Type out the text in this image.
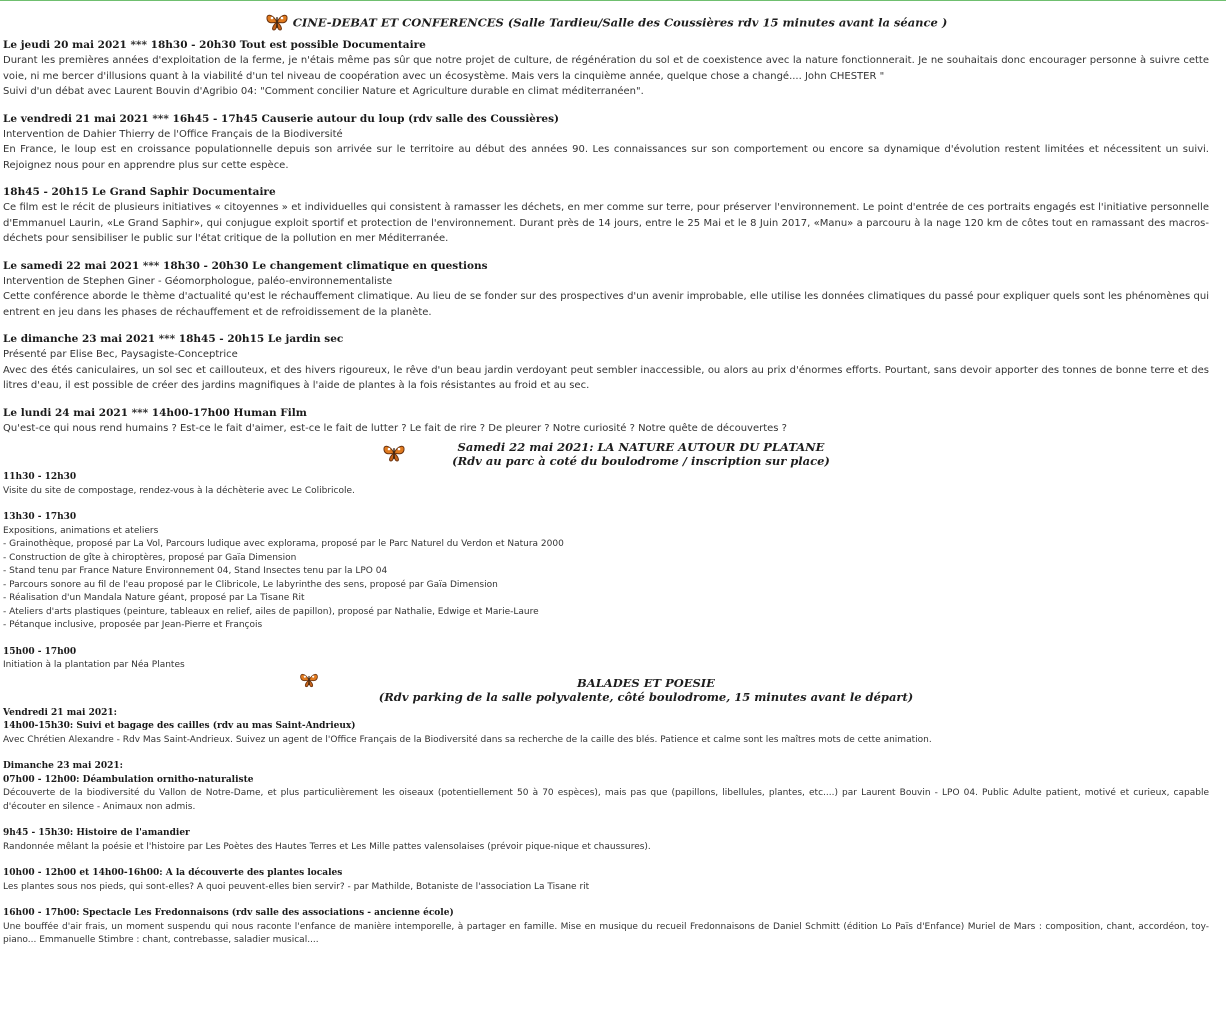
CINE-DEBAT ET CONFERENCES (Salle Tardieu/Salle des Coussières rdv 15 minutes avant la séance )
Le jeudi 20 mai 2021 *** 18h30 - 20h30 Tout est possible Documentaire
Durant les premières années d'exploitation de la ferme, je n'étais même pas sûr que notre projet de culture, de régénération du sol et de coexistence avec la nature fonctionnerait. Je ne souhaitais donc encourager personne à suivre cette voie, ni me bercer d'illusions quant à la viabilité d'un tel niveau de coopération avec un écosystème. Mais vers la cinquième année, quelque chose a changé.... John CHESTER "
Suivi d'un débat avec Laurent Bouvin d'Agribio 04: "Comment concilier Nature et Agriculture durable en climat méditerranéen".
Le vendredi 21 mai 2021 *** 16h45 - 17h45 Causerie autour du loup (rdv salle des Coussières)
Intervention de Dahier Thierry de l'Office Français de la Biodiversité
En France, le loup est en croissance populationnelle depuis son arrivée sur le territoire au début des années 90. Les connaissances sur son comportement ou encore sa dynamique d'évolution restent limitées et nécessitent un suivi. Rejoignez nous pour en apprendre plus sur cette espèce.
18h45 - 20h15 Le Grand Saphir Documentaire
Ce film est le récit de plusieurs initiatives « citoyennes » et individuelles qui consistent à ramasser les déchets, en mer comme sur terre, pour préserver l'environnement. Le point d'entrée de ces portraits engagés est l'initiative personnelle d'Emmanuel Laurin, «Le Grand Saphir», qui conjugue exploit sportif et protection de l'environnement. Durant près de 14 jours, entre le 25 Mai et le 8 Juin 2017, «Manu» a parcouru à la nage 120 km de côtes tout en ramassant des macros-déchets pour sensibiliser le public sur l'état critique de la pollution en mer Méditerranée.
Le samedi 22 mai 2021 *** 18h30 - 20h30 Le changement climatique en questions
Intervention de Stephen Giner - Géomorphologue, paléo-environnementaliste
Cette conférence aborde le thème d'actualité qu'est le réchauffement climatique. Au lieu de se fonder sur des prospectives d'un avenir improbable, elle utilise les données climatiques du passé pour expliquer quels sont les phénomènes qui entrent en jeu dans les phases de réchauffement et de refroidissement de la planète.
Le dimanche 23 mai 2021 *** 18h45 - 20h15 Le jardin sec
Présenté par Elise Bec, Paysagiste-Conceptrice
Avec des étés caniculaires, un sol sec et caillouteux, et des hivers rigoureux, le rêve d'un beau jardin verdoyant peut sembler inaccessible, ou alors au prix d'énormes efforts. Pourtant, sans devoir apporter des tonnes de bonne terre et des litres d'eau, il est possible de créer des jardins magnifiques à l'aide de plantes à la fois résistantes au froid et au sec.
Le lundi 24 mai 2021 *** 14h00-17h00 Human Film
Qu'est-ce qui nous rend humains ? Est-ce le fait d'aimer, est-ce le fait de lutter ? Le fait de rire ? De pleurer ? Notre curiosité ? Notre quête de découvertes ?
Samedi 22 mai 2021: LA NATURE AUTOUR DU PLATANE
(Rdv au parc à coté du boulodrome / inscription sur place)
11h30 - 12h30
Visite du site de compostage, rendez-vous à la déchèterie avec Le Colibricole.
13h30 - 17h30
Expositions, animations et ateliers
- Grainothèque, proposé par La Vol, Parcours ludique avec explorama, proposé par le Parc Naturel du Verdon et Natura 2000
- Construction de gîte à chiroptères, proposé par Gaïa Dimension
- Stand tenu par France Nature Environnement 04, Stand Insectes tenu par la LPO 04
- Parcours sonore au fil de l'eau proposé par le Clibricole, Le labyrinthe des sens, proposé par Gaïa Dimension
- Réalisation d'un Mandala Nature géant, proposé par La Tisane Rit
- Ateliers d'arts plastiques (peinture, tableaux en relief, ailes de papillon), proposé par Nathalie, Edwige et Marie-Laure
- Pétanque inclusive, proposée par Jean-Pierre et François
15h00 - 17h00
Initiation à la plantation par Néa Plantes
BALADES ET POESIE
(Rdv parking de la salle polyvalente, côté boulodrome, 15 minutes avant le départ)
Vendredi 21 mai 2021:
14h00-15h30: Suivi et bagage des cailles (rdv au mas Saint-Andrieux)
Avec Chrétien Alexandre - Rdv Mas Saint-Andrieux. Suivez un agent de l'Office Français de la Biodiversité dans sa recherche de la caille des blés. Patience et calme sont les maîtres mots de cette animation.
Dimanche 23 mai 2021:
07h00 - 12h00: Déambulation ornitho-naturaliste
Découverte de la biodiversité du Vallon de Notre-Dame, et plus particulièrement les oiseaux (potentiellement 50 à 70 espèces), mais pas que (papillons, libellules, plantes, etc....) par Laurent Bouvin - LPO 04. Public Adulte patient, motivé et curieux, capable d'écouter en silence - Animaux non admis.
9h45 - 15h30: Histoire de l'amandier
Randonnée mêlant la poésie et l'histoire par Les Poètes des Hautes Terres et Les Mille pattes valensolaises (prévoir pique-nique et chaussures).
10h00 - 12h00 et 14h00-16h00: A la découverte des plantes locales
Les plantes sous nos pieds, qui sont-elles? A quoi peuvent-elles bien servir? - par Mathilde, Botaniste de l'association La Tisane rit
16h00 - 17h00: Spectacle Les Fredonnaisons (rdv salle des associations - ancienne école)
Une bouffée d'air frais, un moment suspendu qui nous raconte l'enfance de manière intemporelle, à partager en famille. Mise en musique du recueil Fredonnaisons de Daniel Schmitt (édition Lo Païs d'Enfance) Muriel de Mars : composition, chant, accordéon, toy-piano... Emmanuelle Stimbre : chant, contrebasse, saladier musical....
